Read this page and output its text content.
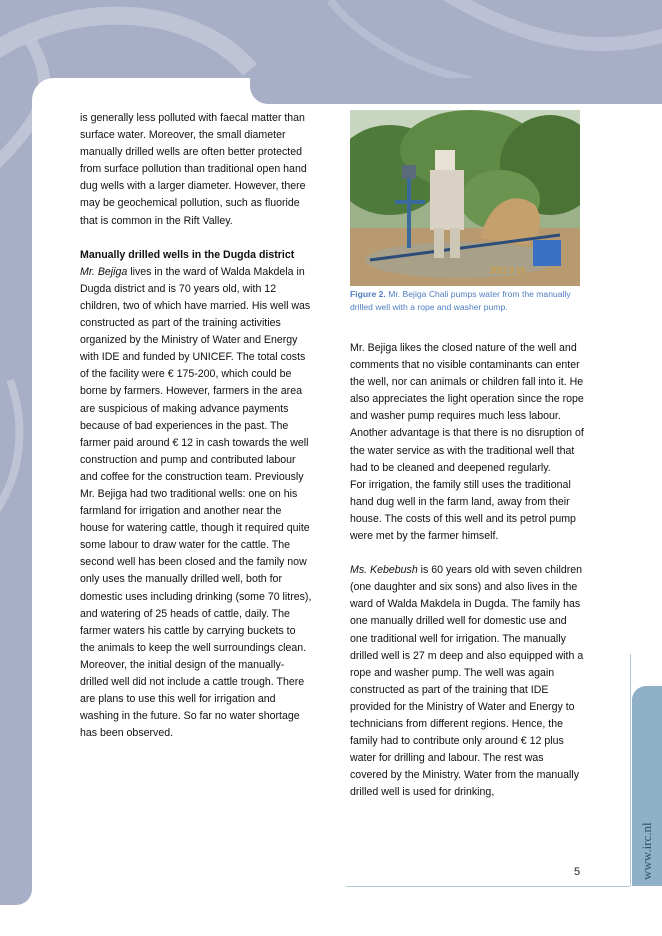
is generally less polluted with faecal matter than surface water. Moreover, the small diameter manually drilled wells are often better protected from surface pollution than traditional open hand dug wells with a larger diameter. However, there may be geochemical pollution, such as fluoride that is common in the Rift Valley.

Manually drilled wells in the Dugda district

Mr. Bejiga lives in the ward of Walda Makdela in Dugda district and is 70 years old, with 12 children, two of which have married. His well was constructed as part of the training activities organized by the Ministry of Water and Energy with IDE and funded by UNICEF. The total costs of the facility were € 175-200, which could be borne by farmers. However, farmers in the area are suspicious of making advance payments because of bad experiences in the past. The farmer paid around € 12 in cash towards the well construction and pump and contributed labour and coffee for the construction team. Previously Mr. Bejiga had two traditional wells: one on his farmland for irrigation and another near the house for watering cattle, though it required quite some labour to draw water for the cattle. The second well has been closed and the family now only uses the manually drilled well, both for domestic uses including drinking (some 70 litres), and watering of 25 heads of cattle, daily. The farmer waters his cattle by carrying buckets to the animals to keep the well surroundings clean. Moreover, the initial design of the manually-drilled well did not include a cattle trough. There are plans to use this well for irrigation and washing in the future. So far no water shortage has been observed.

2011 9 16
Figure 2. Mr. Bejiga Chali pumps water from the manually drilled well with a rope and washer pump.

Mr. Bejiga likes the closed nature of the well and comments that no visible contaminants can enter the well, nor can animals or children fall into it. He also appreciates the light operation since the rope and washer pump requires much less labour. Another advantage is that there is no disruption of the water service as with the traditional well that had to be cleaned and deepened regularly.

For irrigation, the family still uses the traditional hand dug well in the farm land, away from their house. The costs of this well and its petrol pump were met by the farmer himself.

Ms. Kebebush is 60 years old with seven children (one daughter and six sons) and also lives in the ward of Walda Makdela in Dugda. The family has one manually drilled well for domestic use and one traditional well for irrigation. The manually drilled well is 27 m deep and also equipped with a rope and washer pump. The well was again constructed as part of the training that IDE provided for the Ministry of Water and Energy to technicians from different regions. Hence, the family had to contribute only around € 12 plus water for drilling and labour. The rest was covered by the Ministry. Water from the manually drilled well is used for drinking,

5	www.irc.nl
